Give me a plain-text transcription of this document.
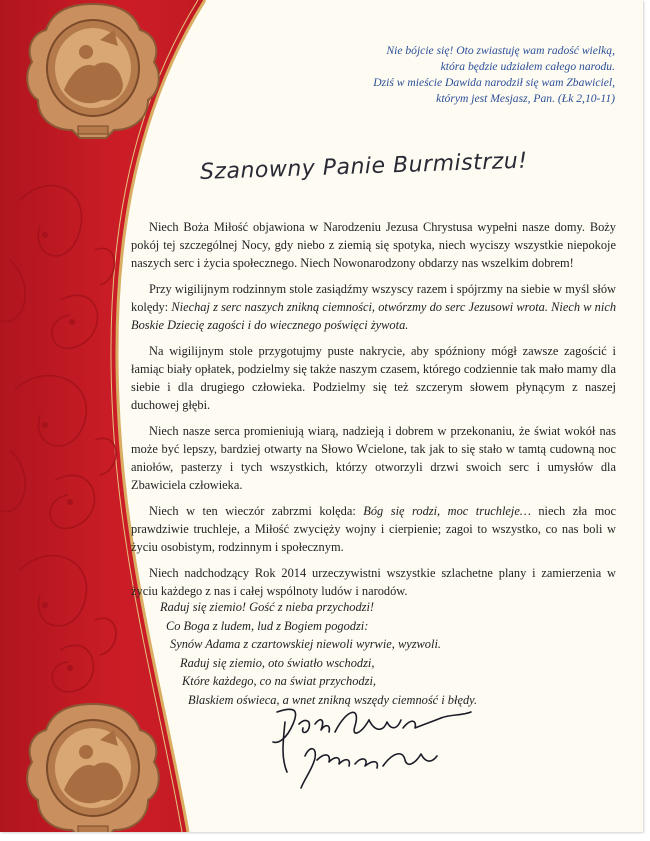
Nie bójcie się! Oto zwiastuję wam radość wielką,
która będzie udziałem całego narodu.
Dziś w mieście Dawida narodził się wam Zbawiciel,
którym jest Mesjasz, Pan. (Łk 2,10-11)
Szanowny Panie Burmistrzu!

Niech Boża Miłość objawiona w Narodzeniu Jezusa Chrystusa wypełni nasze domy. Boży pokój tej szczególnej Nocy, gdy niebo z ziemią się spotyka, niech wyciszy wszystkie niepokoje naszych serc i życia społecznego. Niech Nowonarodzony obdarzy nas wszelkim dobrem!

Przy wigilijnym rodzinnym stole zasiądźmy wszyscy razem i spójrzmy na siebie w myśl słów kolędy: Niechaj z serc naszych znikną ciemności, otwórzmy do serc Jezusowi wrota. Niech w nich Boskie Dziecię zagości i do wiecznego poświęci żywota.

Na wigilijnym stole przygotujmy puste nakrycie, aby spóźniony mógł zawsze zagościć i łamiąc biały opłatek, podzielmy się także naszym czasem, którego codziennie tak mało mamy dla siebie i dla drugiego człowieka. Podzielmy się też szczerym słowem płynącym z naszej duchowej głębi.

Niech nasze serca promieniują wiarą, nadzieją i dobrem w przekonaniu, że świat wokół nas może być lepszy, bardziej otwarty na Słowo Wcielone, tak jak to się stało w tamtą cudowną noc aniołów, pasterzy i tych wszystkich, którzy otworzyli drzwi swoich serc i umysłów dla Zbawiciela człowieka.

Niech w ten wieczór zabrzmi kolęda: Bóg się rodzi, moc truchleje… niech zła moc prawdziwie truchleje, a Miłość zwycięży wojny i cierpienie; zagoi to wszystko, co nas boli w życiu osobistym, rodzinnym i społecznym.

Niech nadchodzący Rok 2014 urzeczywistni wszystkie szlachetne plany i zamierzenia w życiu każdego z nas i całej wspólnoty ludów i narodów.

Raduj się ziemio! Gość z nieba przychodzi!
Co Boga z ludem, lud z Bogiem pogodzi:
Synów Adama z czartowskiej niewoli wyrwie, wyzwoli.
Raduj się ziemio, oto światło wschodzi,
Które każdego, co na świat przychodzi,
Blaskiem oświeca, a wnet znikną wszędy ciemność i błędy.
